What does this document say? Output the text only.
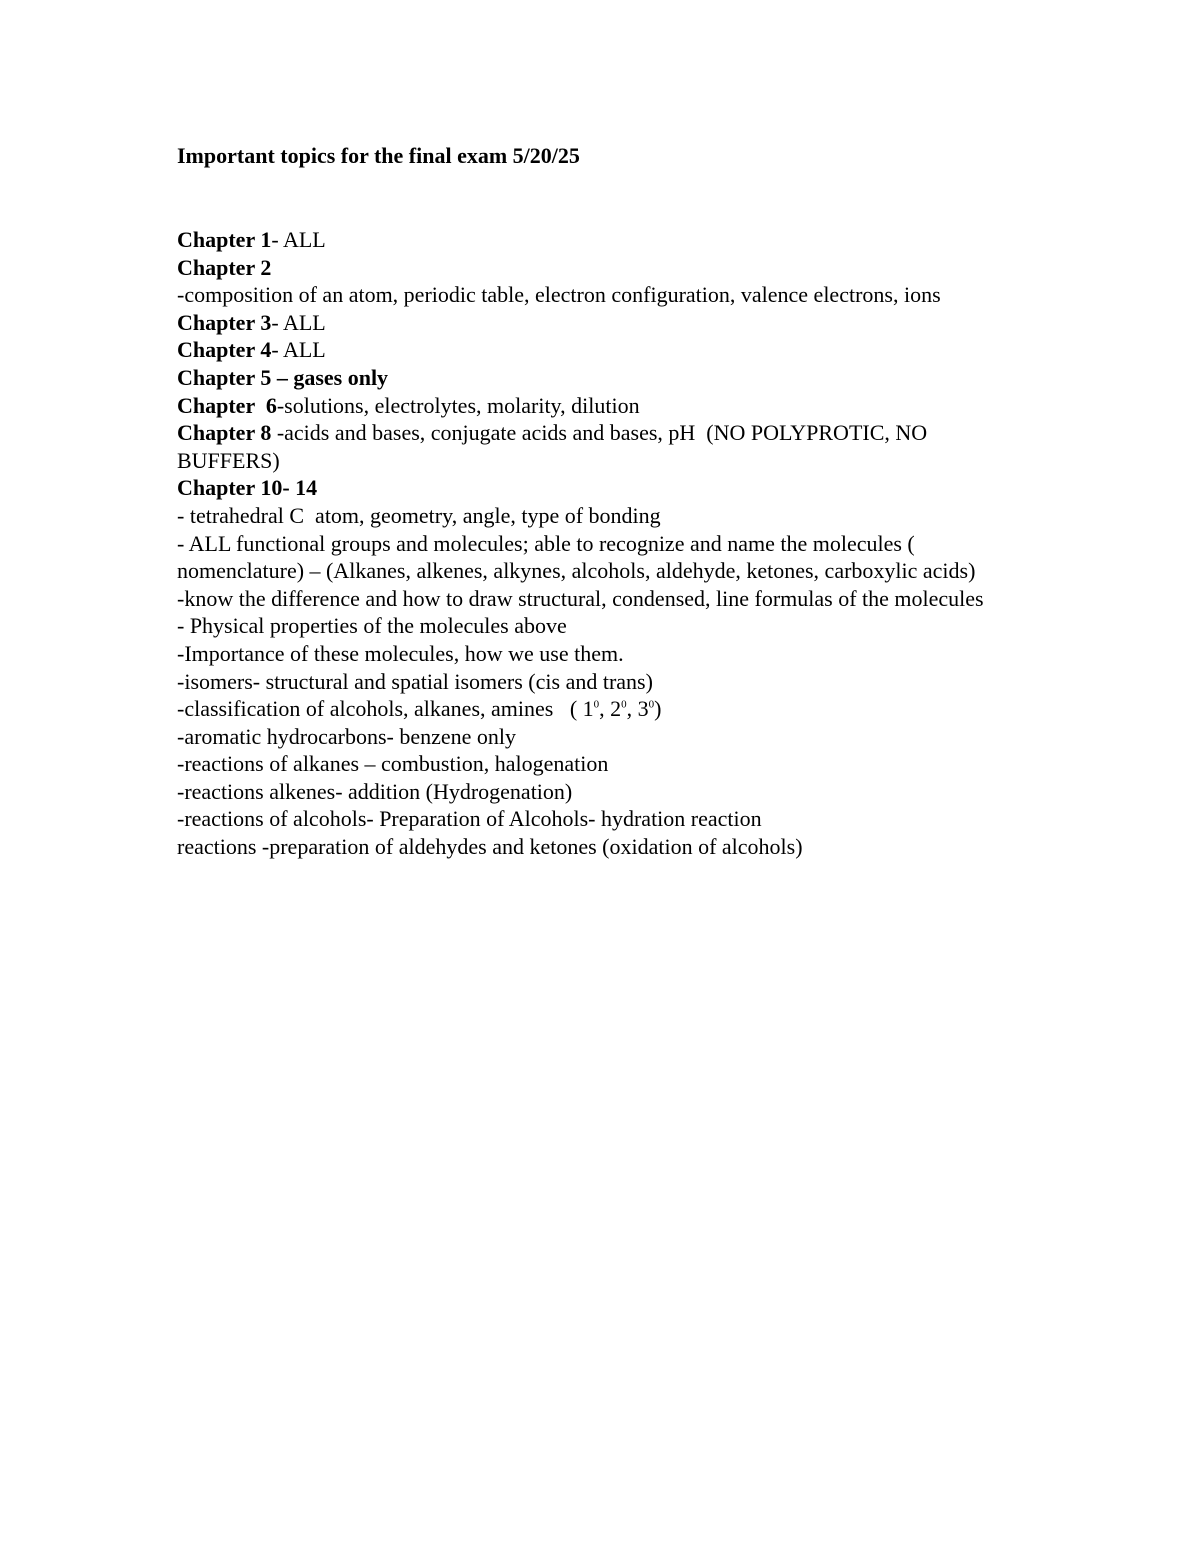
Important topics for the final exam 5/20/25
Chapter 1- ALL
Chapter 2
-composition of an atom, periodic table, electron configuration, valence electrons, ions
Chapter 3- ALL
Chapter 4- ALL
Chapter 5 – gases only
Chapter  6-solutions, electrolytes, molarity, dilution
Chapter 8 -acids and bases, conjugate acids and bases, pH  (NO POLYPROTIC, NO BUFFERS)
Chapter 10- 14
- tetrahedral C  atom, geometry, angle, type of bonding
- ALL functional groups and molecules; able to recognize and name the molecules ( nomenclature) – (Alkanes, alkenes, alkynes, alcohols, aldehyde, ketones, carboxylic acids)
-know the difference and how to draw structural, condensed, line formulas of the molecules
- Physical properties of the molecules above
-Importance of these molecules, how we use them.
-isomers- structural and spatial isomers (cis and trans)
-classification of alcohols, alkanes, amines   ( $1^0$, $2^0$, $3^0$)
-aromatic hydrocarbons- benzene only
-reactions of alkanes – combustion, halogenation
-reactions alkenes- addition (Hydrogenation)
-reactions of alcohols- Preparation of Alcohols- hydration reaction
reactions -preparation of aldehydes and ketones (oxidation of alcohols)
